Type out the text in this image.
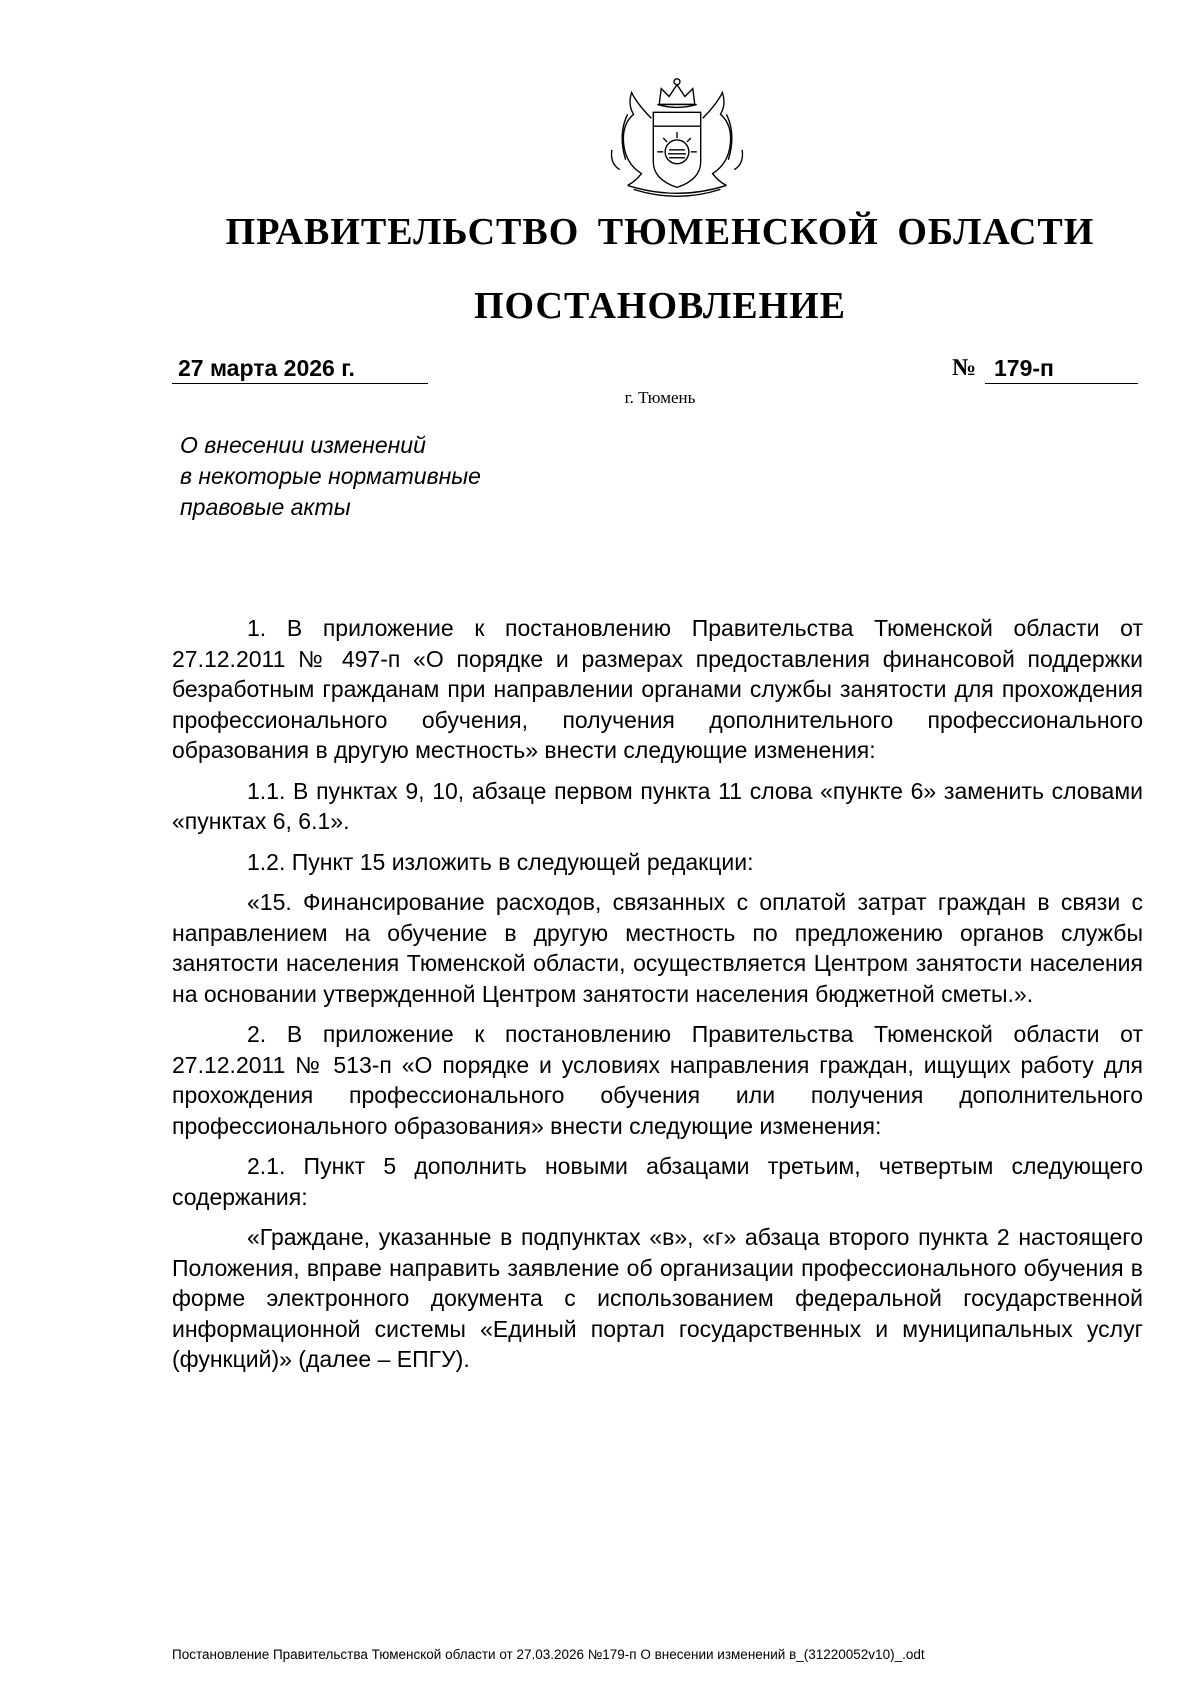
ПРАВИТЕЛЬСТВО ТЮМЕНСКОЙ ОБЛАСТИ
ПОСТАНОВЛЕНИЕ
27 марта 2026 г.	№ 179-п
г. Тюмень
О внесении изменений
в некоторые нормативные
правовые акты

1. В приложение к постановлению Правительства Тюменской области от 27.12.2011 № 497-п «О порядке и размерах предоставления финансовой поддержки безработным гражданам при направлении органами службы занятости для прохождения профессионального обучения, получения дополнительного профессионального образования в другую местность» внести следующие изменения:

1.1. В пунктах 9, 10, абзаце первом пункта 11 слова «пункте 6» заменить словами «пунктах 6, 6.1».

1.2. Пункт 15 изложить в следующей редакции:

«15. Финансирование расходов, связанных с оплатой затрат граждан в связи с направлением на обучение в другую местность по предложению органов службы занятости населения Тюменской области, осуществляется Центром занятости населения на основании утвержденной Центром занятости населения бюджетной сметы.».

2. В приложение к постановлению Правительства Тюменской области от 27.12.2011 № 513-п «О порядке и условиях направления граждан, ищущих работу для прохождения профессионального обучения или получения дополнительного профессионального образования» внести следующие изменения:

2.1. Пункт 5 дополнить новыми абзацами третьим, четвертым следующего содержания:

«Граждане, указанные в подпунктах «в», «г» абзаца второго пункта 2 настоящего Положения, вправе направить заявление об организации профессионального обучения в форме электронного документа с использованием федеральной государственной информационной системы «Единый портал государственных и муниципальных услуг (функций)» (далее – ЕПГУ).

Постановление Правительства Тюменской области от 27.03.2026 №179-п О внесении изменений в_(31220052v10)_.odt
